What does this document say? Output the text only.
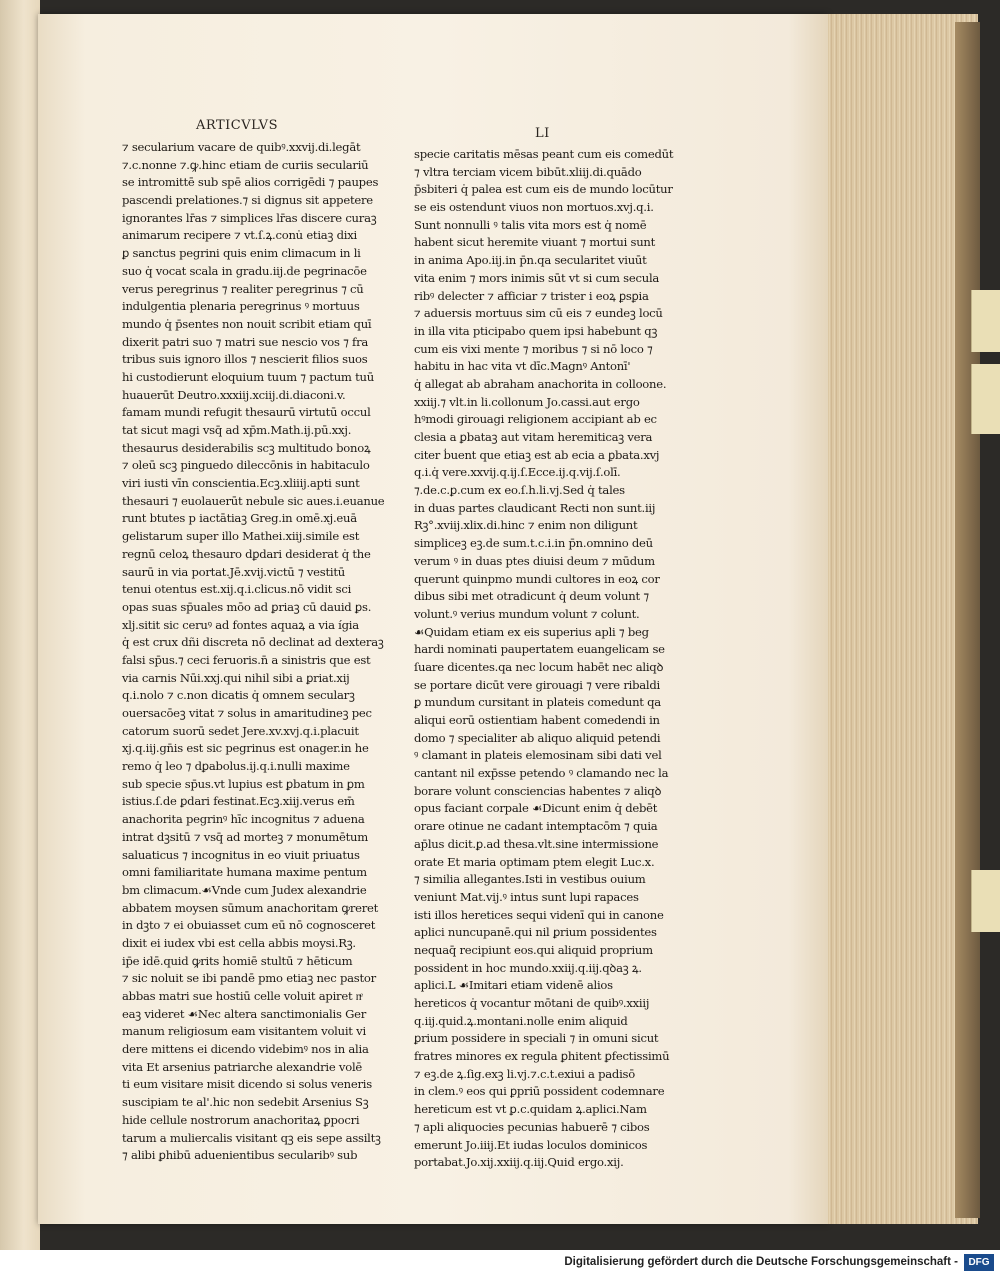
ARTICVLVS
LI
⁊ secularium vacare de quibꝰ.xxvij.di.legāt
⁊.c.nonne ⁊.ꝙ.hinc etiam de curiis seculariū
se intromittē sub spē alios corrigēdi ⁊ paupes
pascendi prelationes.⁊ si dignus sit appetere
ignorantes lr̄as ⁊ simplices lr̄as discere curaꝫ
animarum recipere ⁊ vt.ſ.ꝝ.conu̇ etiaꝫ dixi
ꝑ sanctus pegrini quis enim climacum in li
suo q̇ vocat scala in gradu.iij.de pegrinacōe
verus peregrinus ⁊ realiter peregrinus ⁊ cū
indulgentia plenaria peregrinus ꝰ mortuus
mundo q̇ p̄sentes non nouit scribit etiam quī
dixerit patri suo ⁊ matri sue nescio vos ⁊ fra
tribus suis ignoro illos ⁊ nescierit filios suos
hi custodierunt eloquium tuum ⁊ pactum tuū
huauerūt Deutro.xxxiij.xciij.di.diaconi.v.
famam mundi refugit thesaurū virtutū occul
tat sicut magi vsq̄ ad xp̄m.Math.ij.pū.xxj.
thesaurus desiderabilis scꝫ multitudo bonoꝝ
⁊ oleū scꝫ pinguedo dileccōnis in habitaculo
viri iusti vīn conscientia.Ecꝫ.xliiij.apti sunt
thesauri ⁊ euolauerūt nebule sic aues.i.euanue
runt btutes p iactātiaꝫ Greg.in omē.xj.euā
gelistarum super illo Mathei.xiij.simile est
regnū celoꝝ thesauro dꝑdari desiderat q̇ the
saurū in via portat.Jē.xvij.victū ⁊ vestitū
tenui otentus est.xij.q.i.clicus.nō vidit sci
opas suas sp̄uales mōo ad ꝑriaꝫ cū dauid ꝑs.
xlj.sitit sic ceruꝰ ad fontes aquaꝝ a via ígia
q̇ est crux dñi discreta nō declinat ad dexteraꝫ
falsi sp̄us.⁊ ceci feruoris.n̄ a sinistris que est
via carnis Nūi.xxj.qui nihil sibi a ꝑriat.xij
q.i.nolo ⁊ c.non dicatis q̇ omnem secularꝫ
ouersacōeꝫ vitat ⁊ solus in amaritudineꝫ pec
catorum suorū sedet Jere.xv.xvj.q.i.placuit
xj.q.iij.gn̄is est sic pegrinus est onager.in he
remo q̇ leo ⁊ dꝑabolus.ij.q.i.nulli maxime
sub specie sp̄us.vt lupius est ꝑbatum in ꝑm
istius.ſ.de ꝑdari festinat.Ecꝫ.xiij.verus em̄
anachorita pegrinꝰ hīc incognitus ⁊ aduena
intrat dꝫsitū ⁊ vsq̄ ad morteꝫ ⁊ monumētum
saluaticus ⁊ incognitus in eo viuit priuatus
omni familiaritate humana maxime pentum
bm climacum.☙Vnde cum Judex alexandrie
abbatem moysen sūmum anachoritam ꝙreret
in dꝫto ⁊ ei obuiasset cum eū nō cognosceret
dixit ei iudex vbi est cella abbis moysi.Rꝫ.
ip̄e idē.quid ꝙrits homiē stultū ⁊ hēticum
⁊ sic noluit se ibi pandē pmo etiaꝫ nec pastor
abbas matri sue hostiū celle voluit apiret nͤ
eaꝫ videret ☙Nec altera sanctimonialis Ger
manum religiosum eam visitantem voluit vi
dere mittens ei dicendo videbimꝰ nos in alia
vita Et arsenius patriarche alexandrie volē
ti eum visitare misit dicendo si solus veneris
suscipiam te al'.hic non sedebit Arsenius Sꝫ
hide cellule nostrorum anachoritaꝝ ꝑpocri
tarum a muliercalis visitant qꝫ eis sepe assiltꝫ
⁊ alibi ꝑhibū aduenientibus secularibꝰ sub
specie caritatis mēsas peant cum eis comedūt
⁊ vltra terciam vicem bibūt.xliij.di.quādo
p̄sbiteri q̇ palea est cum eis de mundo locūtur
se eis ostendunt viuos non mortuos.xvj.q.i.
Sunt nonnulli ꝰ talis vita mors est q̇ nomē
habent sicut heremite viuant ⁊ mortui sunt
in anima Apo.iij.in p̄n.qa secularitet viuūt
vita enim ⁊ mors inimis sūt vt si cum secula
ribꝰ delecter ⁊ afficiar ⁊ trister i eoꝝ ꝑsꝑia
⁊ aduersis mortuus sim cū eis ⁊ eundeꝫ locū
in illa vita pticipabo quem ipsi habebunt qꝫ
cum eis vixi mente ⁊ moribus ⁊ si nō loco ⁊
habitu in hac vita vt dīc.Magnꝰ Antonī'
q̇ allegat ab abraham anachorita in colloone.
xxiij.⁊ vlt.in li.collonum Jo.cassi.aut ergo
hꝰmodi girouagi religionem accipiant ab ec
clesia a ꝑbataꝫ aut vitam heremiticaꝫ vera
citer ḃuent que etiaꝫ est ab ecia a ꝑbata.xvj
q.i.q̇ vere.xxvij.q.ij.ſ.Ecce.ij.q.vij.ſ.olī.
⁊.de.c.ꝑ.cum ex eo.ſ.h.li.vj.Sed q̇ tales
in duas partes claudicant Recti non sunt.iij
Rꝫ°.xviij.xlix.di.hinc ⁊ enim non diligunt
simpliceꝫ eꝫ.de sum.t.c.i.in p̄n.omnino deū
verum ꝰ in duas ptes diuisi deum ⁊ mūdum
querunt quinpmo mundi cultores in eoꝝ cor
dibus sibi met otradicunt q̇ deum volunt ⁊
volunt.ꝰ verius mundum volunt ⁊ colunt.
☙Quidam etiam ex eis superius apli ⁊ beg
hardi nominati paupertatem euangelicam se
ſuare dicentes.qa nec locum habēt nec aliqꝺ
se portare dicūt vere girouagi ⁊ vere ribaldi
ꝑ mundum cursitant in plateis comedunt qa
aliqui eorū ostientiam habent comedendi in
domo ⁊ specialiter ab aliquo aliquid petendi
ꝰ clamant in plateis elemosinam sibi dati vel
cantant nil exp̄sse petendo ꝰ clamando nec la
borare volunt consciencias habentes ⁊ aliqꝺ
opus faciant corpale ☙Dicunt enim q̇ debēt
orare otinue ne cadant intemptacōm ⁊ quia
ap̄lus dicit.ꝑ.ad thesa.vlt.sine intermissione
orate Et maria optimam ptem elegit Luc.x.
⁊ similia allegantes.Isti in vestibus ouium
veniunt Mat.vij.ꝰ intus sunt lupi rapaces
isti illos heretices sequi videnī qui in canone
aplici nuncupanē.qui nil ꝑrium possidentes
nequaq̄ recipiunt eos.qui aliquid proprium
possident in hoc mundo.xxiij.q.iij.qꝺaꝫ ꝝ.
aplici.L ☙Imitari etiam videnē alios
hereticos q̇ vocantur mōtani de quibꝰ.xxiij
q.iij.quid.ꝝ.montani.nolle enim aliquid
ꝑrium possidere in speciali ⁊ in omuni sicut
fratres minores ex regula ꝑhitent ꝑfectissimū
⁊ eꝫ.de ꝝ.ſig.exꝫ li.vj.⁊.c.t.exiui a padisō
in clem.ꝰ eos qui ꝑpriū possident codemnare
hereticum est vt ꝑ.c.quidam ꝝ.aplici.Nam
⁊ apli aliquocies pecunias habuerē ⁊ cibos
emerunt Jo.iiij.Et iudas loculos dominicos
portabat.Jo.xij.xxiij.q.iij.Quid ergo.xij.
Digitalisierung gefördert durch die Deutsche Forschungsgemeinschaft -	DFG
